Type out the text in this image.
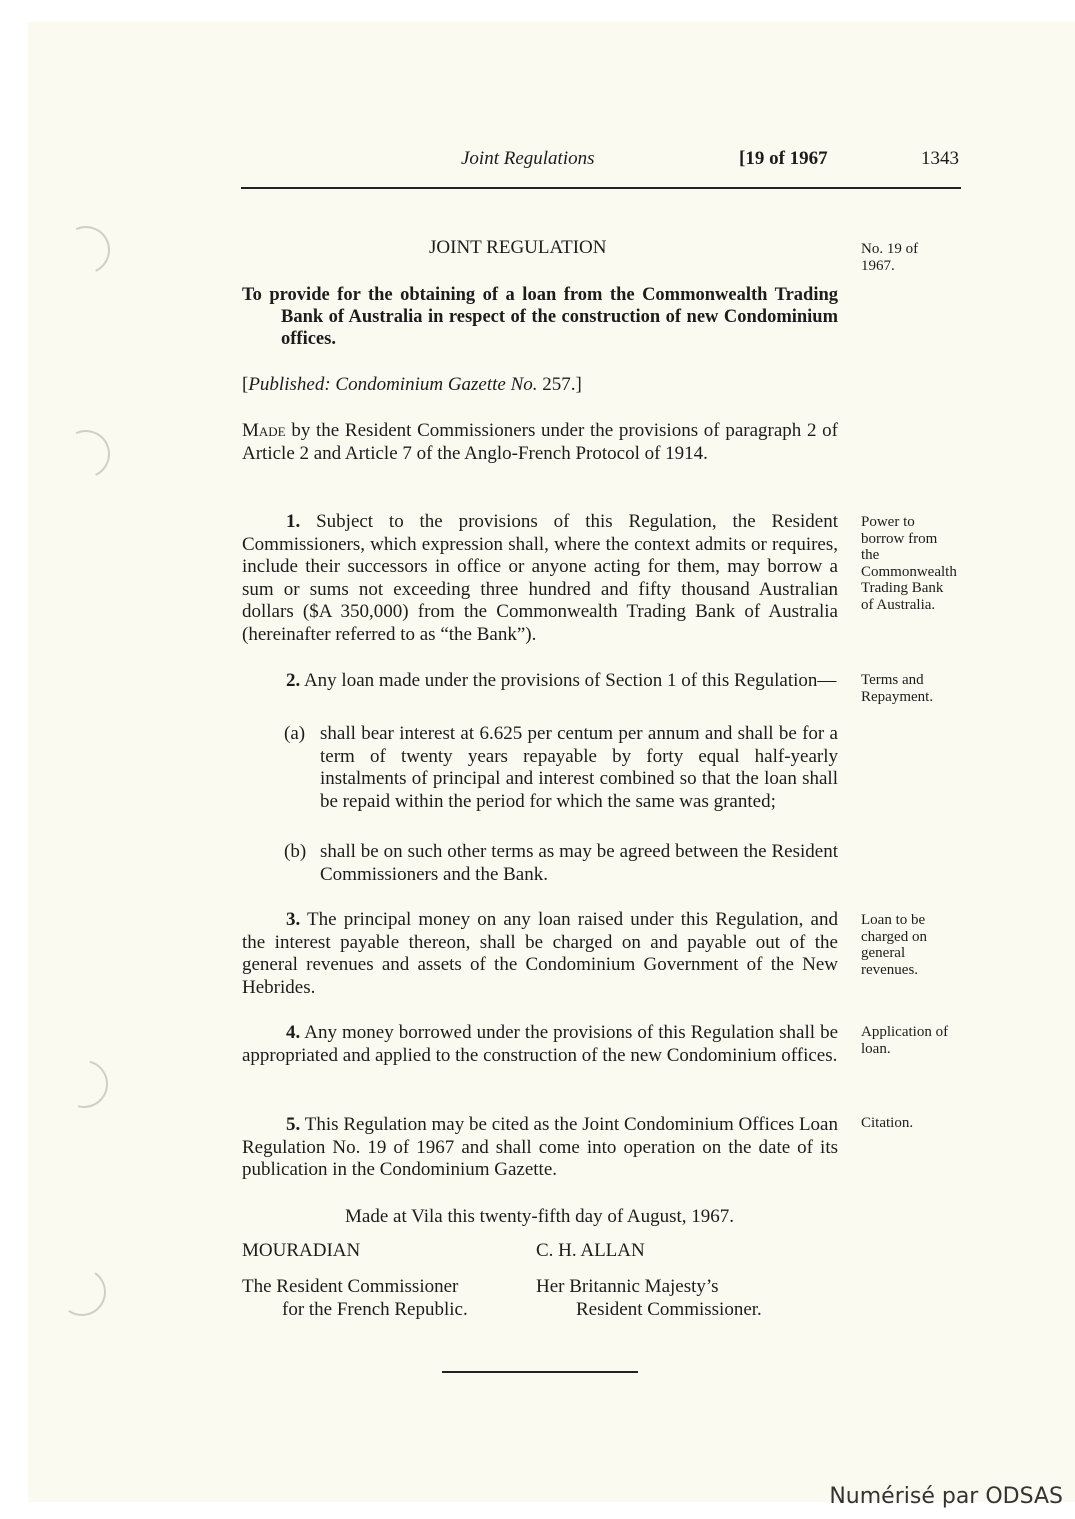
Joint Regulations	[19 of 1967	1343
JOINT REGULATION	No. 19 of 1967.
To provide for the obtaining of a loan from the Commonwealth Trading Bank of Australia in respect of the construction of new Condominium offices.
[Published: Condominium Gazette No. 257.]
Made by the Resident Commissioners under the provisions of paragraph 2 of Article 2 and Article 7 of the Anglo-French Protocol of 1914.
1. Subject to the provisions of this Regulation, the Resident Commissioners, which expression shall, where the context admits or requires, include their successors in office or anyone acting for them, may borrow a sum or sums not exceeding three hundred and fifty thousand Australian dollars ($A 350,000) from the Commonwealth Trading Bank of Australia (hereinafter referred to as “the Bank”).
Power to borrow from the Commonwealth Trading Bank of Australia.
2. Any loan made under the provisions of Section 1 of this Regulation— Terms and Repayment.
(a) shall bear interest at 6.625 per centum per annum and shall be for a term of twenty years repayable by forty equal half-yearly instalments of principal and interest combined so that the loan shall be repaid within the period for which the same was granted;
(b) shall be on such other terms as may be agreed between the Resident Commissioners and the Bank.
3. The principal money on any loan raised under this Regulation, and the interest payable thereon, shall be charged on and payable out of the general revenues and assets of the Condominium Government of the New Hebrides.
Loan to be charged on general revenues.
4. Any money borrowed under the provisions of this Regulation shall be appropriated and applied to the construction of the new Condominium offices.
Application of loan.
5. This Regulation may be cited as the Joint Condominium Offices Loan Regulation No. 19 of 1967 and shall come into operation on the date of its publication in the Condominium Gazette.
Citation.
Made at Vila this twenty-fifth day of August, 1967.
MOURADIAN	C. H. ALLAN
The Resident Commissioner
for the French Republic.
Her Britannic Majesty’s
Resident Commissioner.
Numérisé par ODSAS
